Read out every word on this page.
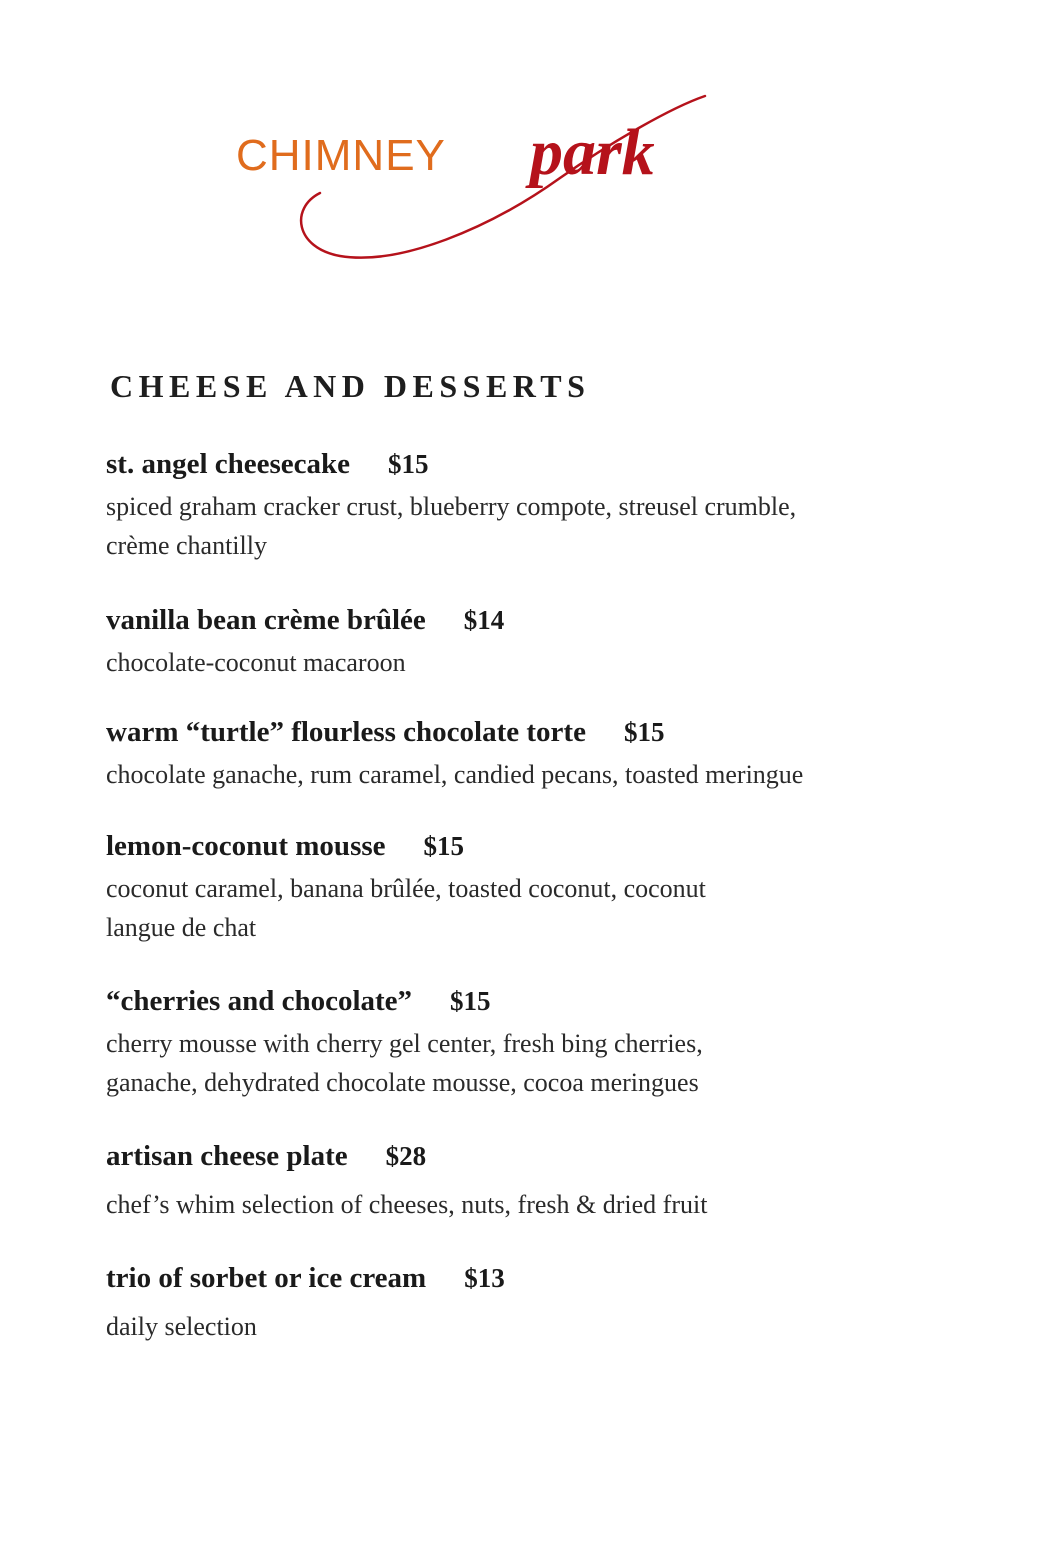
CHIMNEY park
CHEESE AND DESSERTS
st. angel cheesecake $15
spiced graham cracker crust, blueberry compote, streusel crumble, crème chantilly
vanilla bean crème brûlée $14
chocolate-coconut macaroon
warm “turtle” flourless chocolate torte $15
chocolate ganache, rum caramel, candied pecans, toasted meringue
lemon-coconut mousse $15
coconut caramel, banana brûlée, toasted coconut, coconut langue de chat
“cherries and chocolate” $15
cherry mousse with cherry gel center, fresh bing cherries, ganache, dehydrated chocolate mousse, cocoa meringues
artisan cheese plate $28
chef’s whim selection of cheeses, nuts, fresh & dried fruit
trio of sorbet or ice cream $13
daily selection
